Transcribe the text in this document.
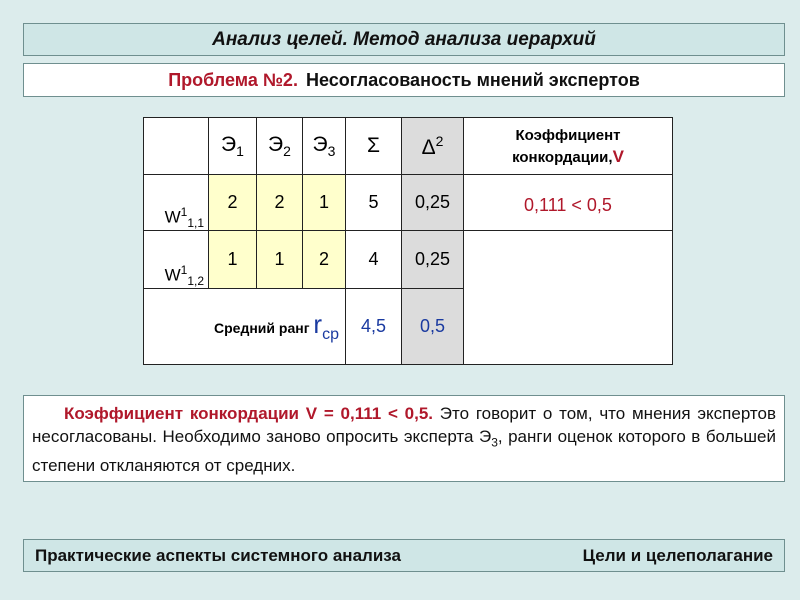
Анализ целей. Метод анализа иерархий
Проблема №2. Несогласованость мнений экспертов
	$Э_1$	$Э_2$	$Э_3$	Σ	$\Delta^2$	Коэффициент
конкордации,V

$W^1_{1,1}$	2	2	1	5	0,25	0,111 < 0,5
$W^1_{1,2}$	1	1	2	4	0,25	
Средний ранг $r_{ср}$				4,5	0,5	
Коэффициент конкордации V = 0,111 < 0,5. Это говорит о том, что мнения экспертов несогласованы. Необходимо заново опросить эксперта $Э_3$, ранги оценок которого в большей степени откланяются от средних.
Практические аспекты системного анализа	Цели и целеполагание
